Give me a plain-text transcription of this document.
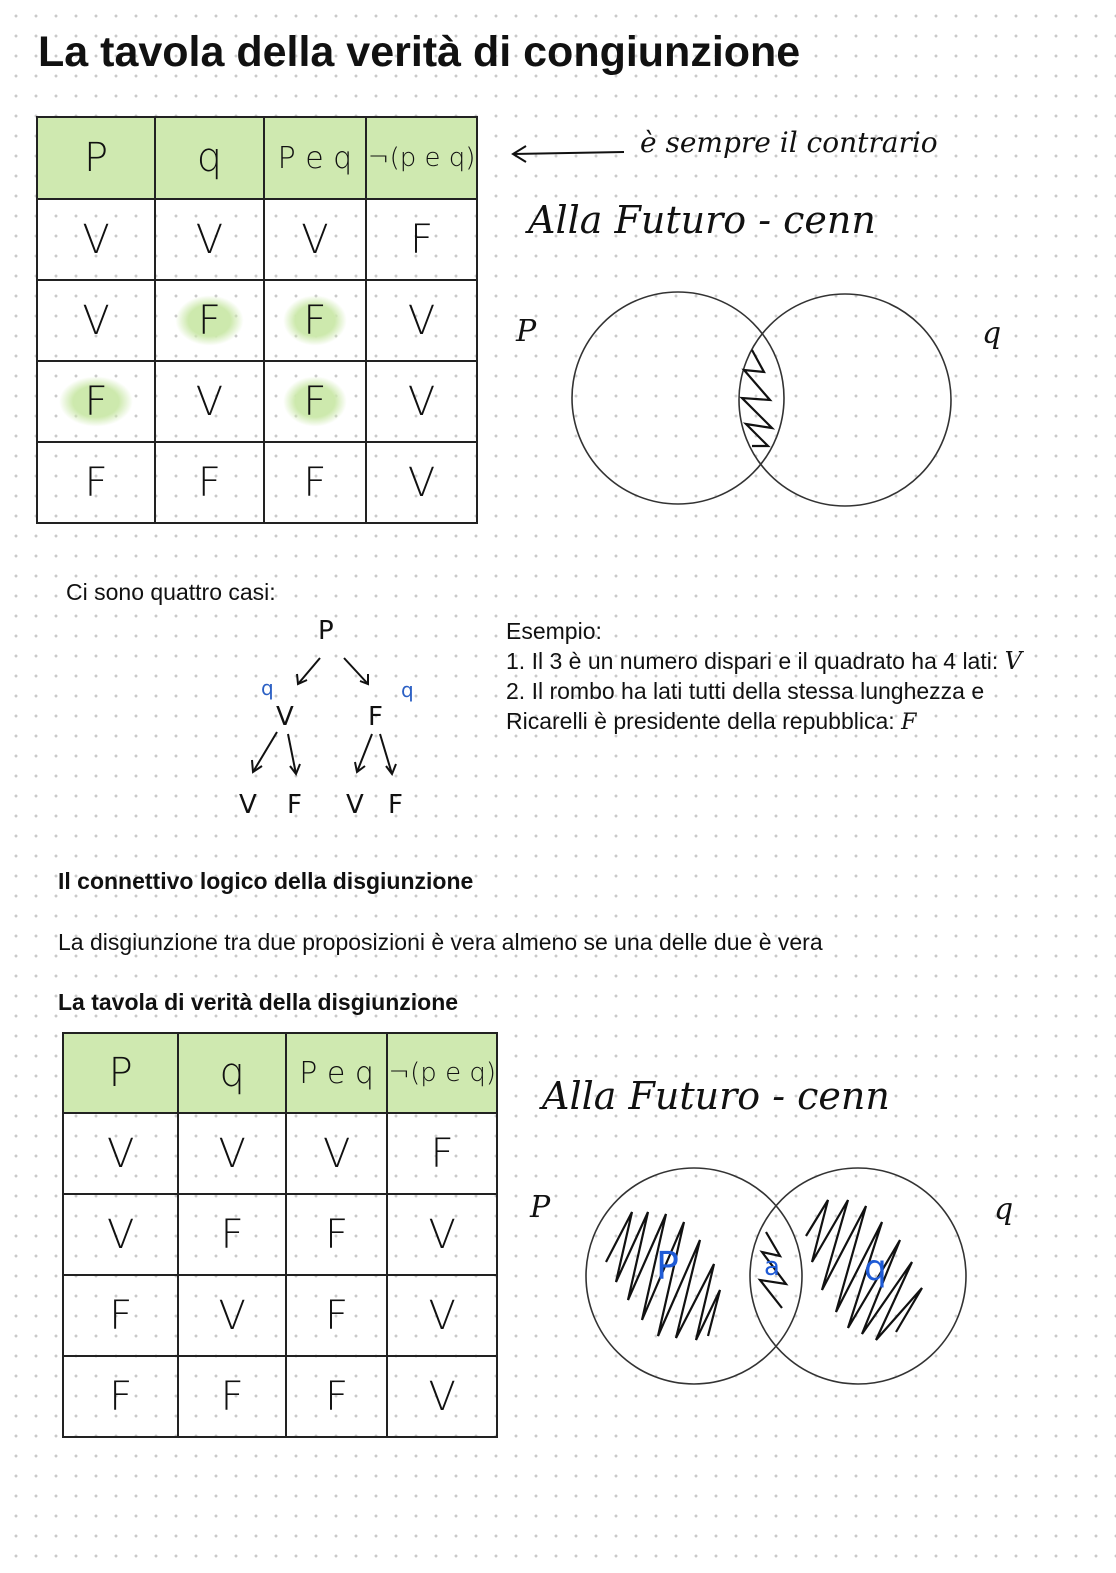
La tavola della verità di congiunzione
P	q	P e q	¬(p e q)
V	V	V	F
V	F	F	V
F	V	F	V
F	F	F	V
è sempre il contrario
Alla Futuro - cenn
P	q
Ci sono quattro casi:
P
q	q
V	F
V F V F
Esempio:
1. Il 3 è un numero dispari e il quadrato ha 4 lati: V
2. Il rombo ha lati tutti della stessa lunghezza e
Ricarelli è presidente della repubblica: F
Il connettivo logico della disgiunzione
La disgiunzione tra due proposizioni è vera almeno se una delle due è vera
La tavola di verità della disgiunzione
P	q	P e q	¬(p e q)
V	V	V	F
V	F	F	V
F	V	F	V
F	F	F	V
Alla Futuro - cenn
P	q
P	a q
